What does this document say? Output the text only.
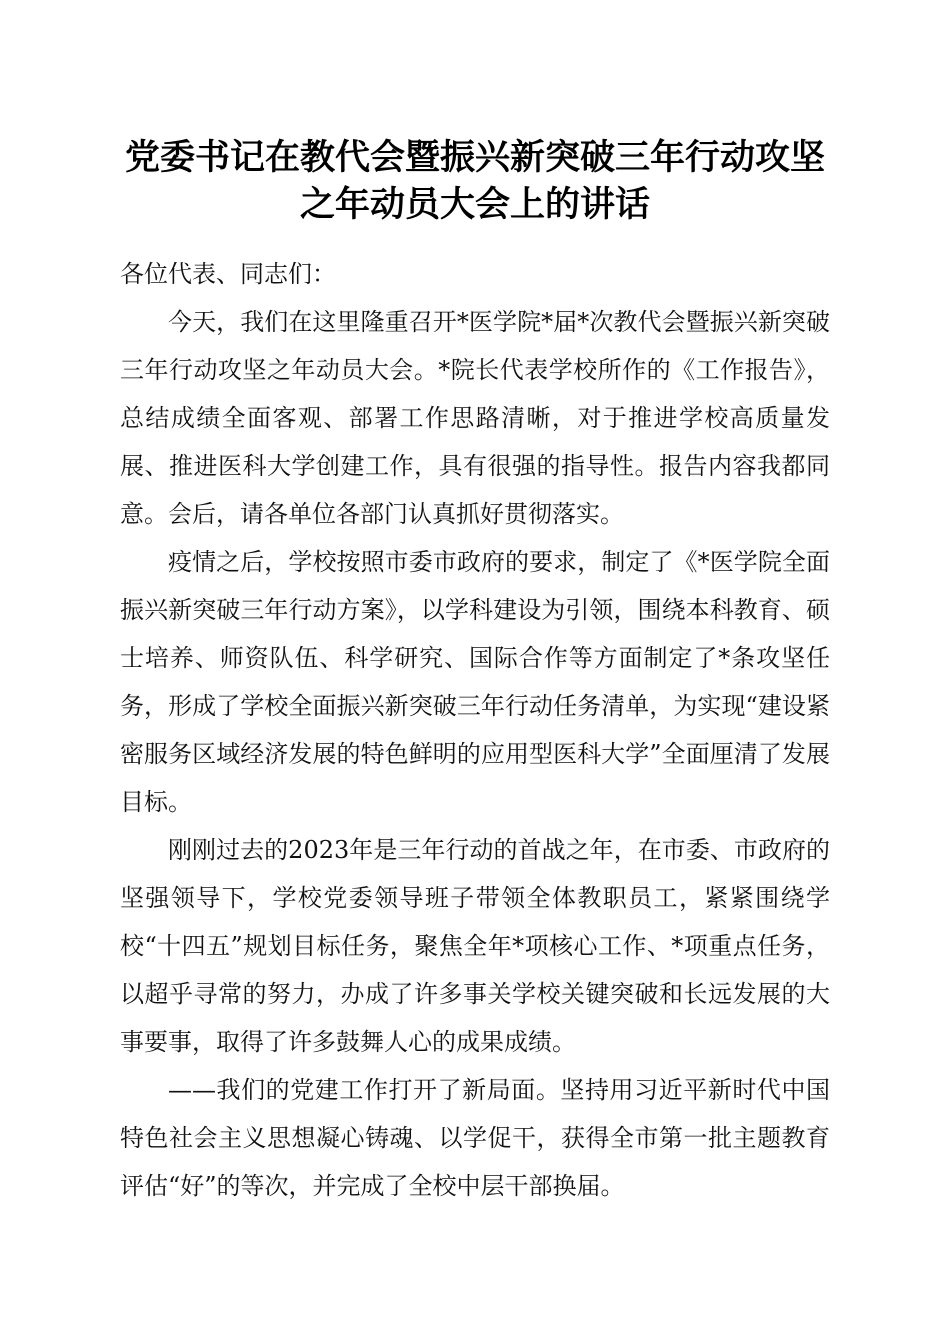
党委书记在教代会暨振兴新突破三年行动攻坚
之年动员大会上的讲话

各位代表、同志们：

今天，我们在这里隆重召开*医学院*届*次教代会暨振兴新突破三年行动攻坚之年动员大会。*院长代表学校所作的《工作报告》，总结成绩全面客观、部署工作思路清晰，对于推进学校高质量发展、推进医科大学创建工作，具有很强的指导性。报告内容我都同意。会后，请各单位各部门认真抓好贯彻落实。

疫情之后，学校按照市委市政府的要求，制定了《*医学院全面振兴新突破三年行动方案》，以学科建设为引领，围绕本科教育、硕士培养、师资队伍、科学研究、国际合作等方面制定了*条攻坚任务，形成了学校全面振兴新突破三年行动任务清单，为实现“建设紧密服务区域经济发展的特色鲜明的应用型医科大学”全面厘清了发展目标。

刚刚过去的2023年是三年行动的首战之年，在市委、市政府的坚强领导下，学校党委领导班子带领全体教职员工，紧紧围绕学校“十四五”规划目标任务，聚焦全年*项核心工作、*项重点任务，以超乎寻常的努力，办成了许多事关学校关键突破和长远发展的大事要事，取得了许多鼓舞人心的成果成绩。

——我们的党建工作打开了新局面。坚持用习近平新时代中国特色社会主义思想凝心铸魂、以学促干，获得全市第一批主题教育评估“好”的等次，并完成了全校中层干部换届。
